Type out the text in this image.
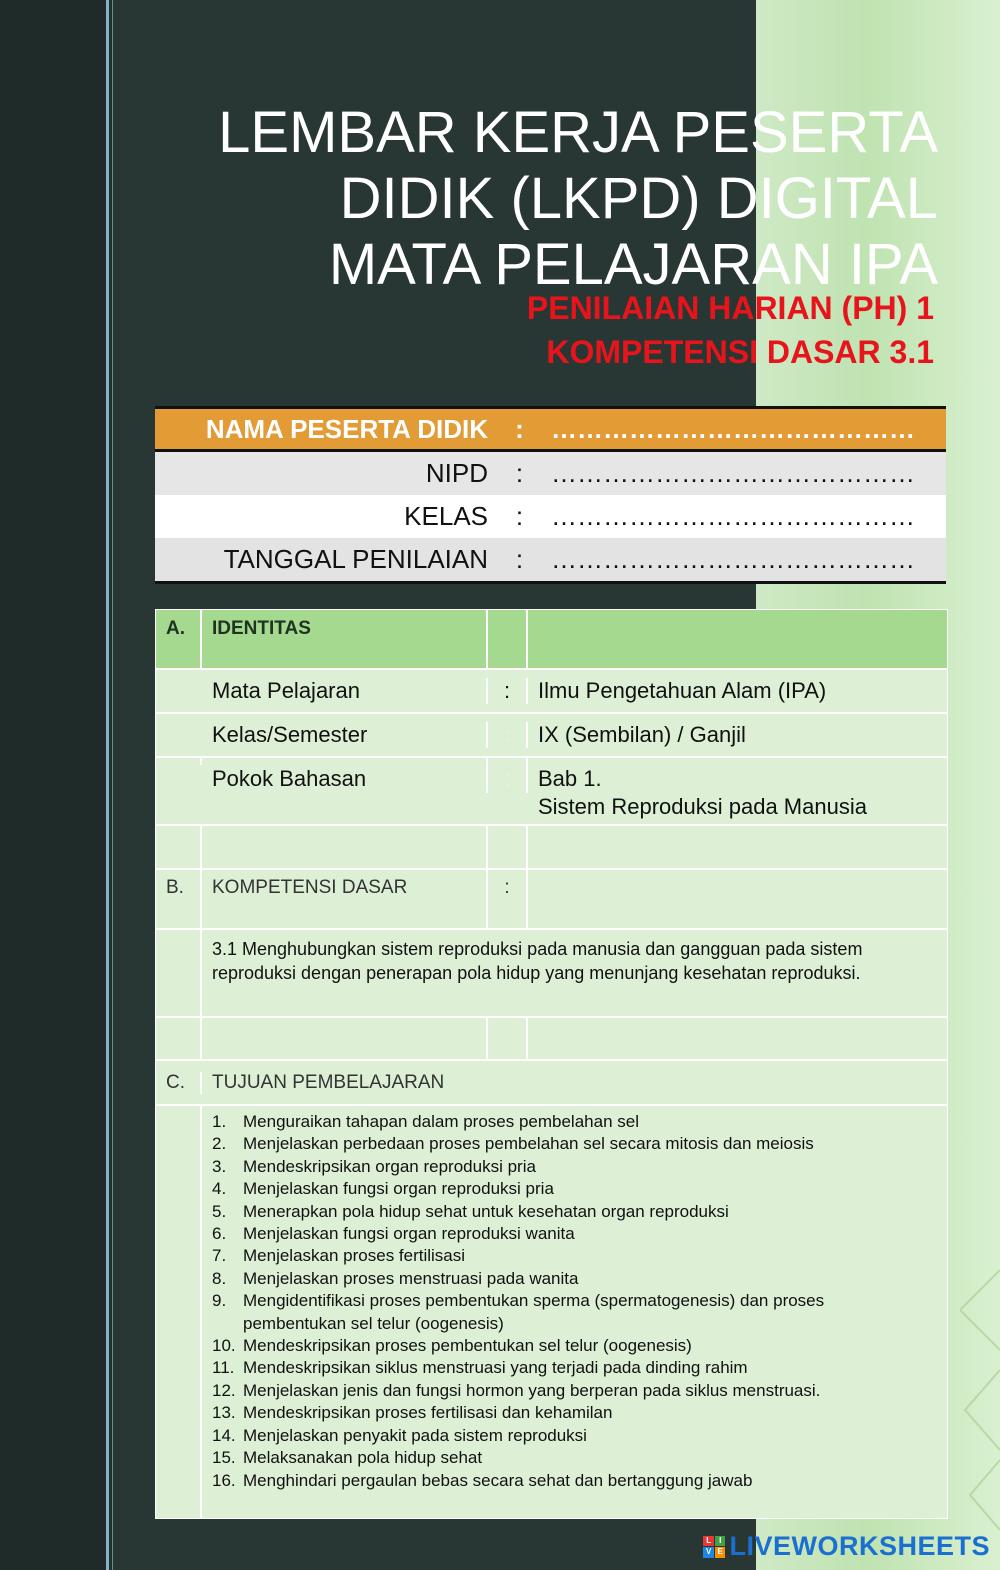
LEMBAR KERJA PESERTA
DIDIK (LKPD) DIGITAL
MATA PELAJARAN IPA
PENILAIAN HARIAN (PH) 1
KOMPETENSI DASAR 3.1
NAMA PESERTA DIDIK	:	……………………………………
NIPD	:	……………………………………
KELAS	:	……………………………………
TANGGAL PENILAIAN	:	……………………………………
A.	IDENTITAS
Mata Pelajaran	:	Ilmu Pengetahuan Alam (IPA)
Kelas/Semester	:	IX (Sembilan) / Ganjil
Pokok Bahasan	:	Bab 1.
Sistem Reproduksi pada Manusia
B.	KOMPETENSI DASAR	:
3.1 Menghubungkan sistem reproduksi pada manusia dan gangguan pada sistem reproduksi dengan penerapan pola hidup yang menunjang kesehatan reproduksi.
C.	TUJUAN PEMBELAJARAN
1. Menguraikan tahapan dalam proses pembelahan sel
2. Menjelaskan perbedaan proses pembelahan sel secara mitosis dan meiosis
3. Mendeskripsikan organ reproduksi pria
4. Menjelaskan fungsi organ reproduksi pria
5. Menerapkan pola hidup sehat untuk kesehatan organ reproduksi
6. Menjelaskan fungsi organ reproduksi wanita
7. Menjelaskan proses fertilisasi
8. Menjelaskan proses menstruasi pada wanita
9. Mengidentifikasi proses pembentukan sperma (spermatogenesis) dan proses pembentukan sel telur (oogenesis)
10. Mendeskripsikan proses pembentukan sel telur (oogenesis)
11. Mendeskripsikan siklus menstruasi yang terjadi pada dinding rahim
12. Menjelaskan jenis dan fungsi hormon yang berperan pada siklus menstruasi.
13. Mendeskripsikan proses fertilisasi dan kehamilan
14. Menjelaskan penyakit pada sistem reproduksi
15. Melaksanakan pola hidup sehat
16. Menghindari pergaulan bebas secara sehat dan bertanggung jawab
L I
V E LIVEWORKSHEETS
